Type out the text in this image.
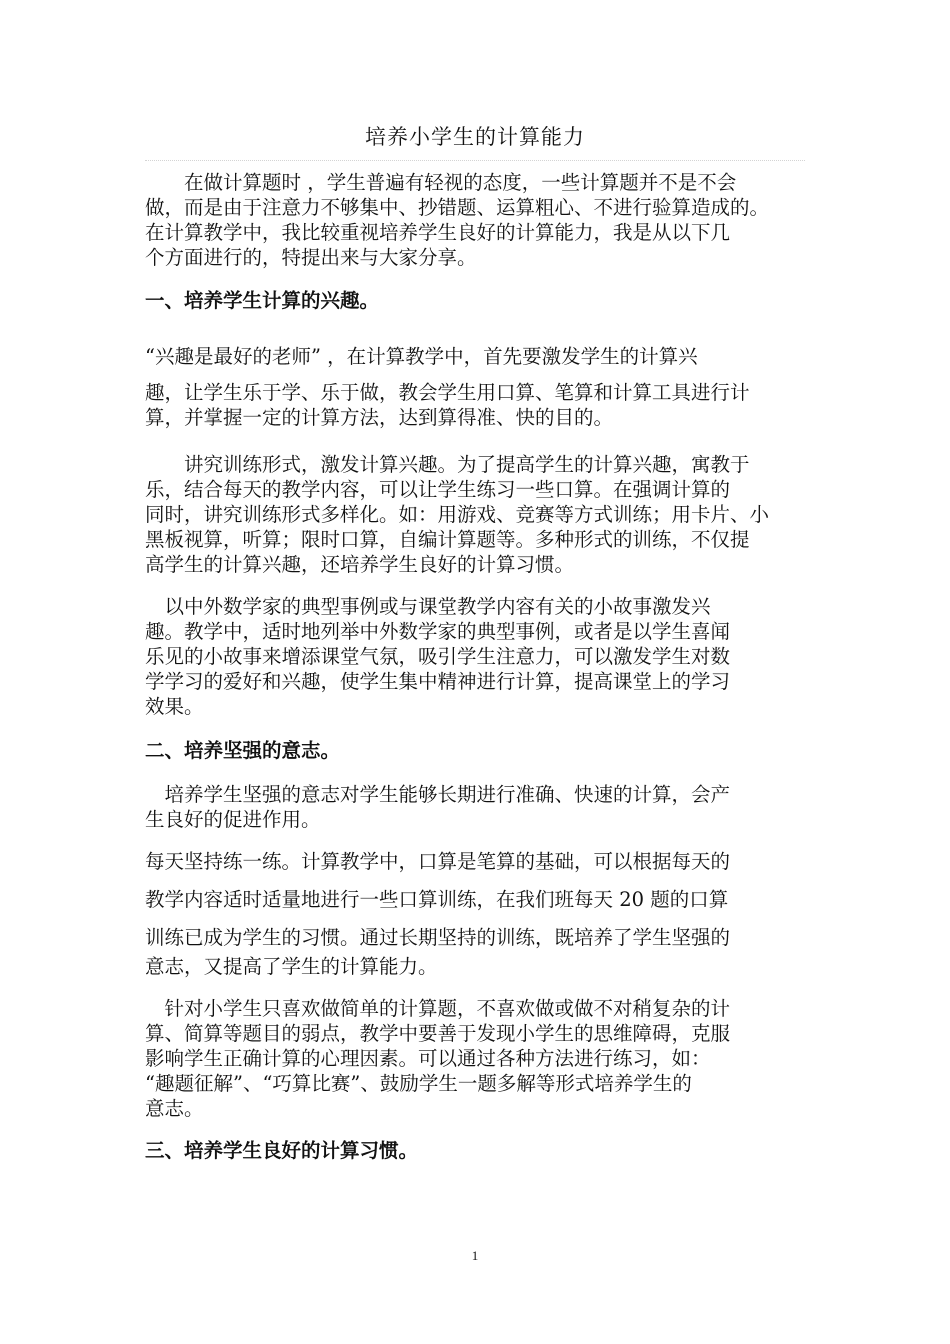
培养小学生的计算能力

　　在做计算题时 ，学生普遍有轻视的态度，一些计算题并不是不会
做，而是由于注意力不够集中、抄错题、运算粗心、不进行验算造成的。
在计算教学中，我比较重视培养学生良好的计算能力，我是从以下几
个方面进行的，特提出来与大家分享。

一、培养学生计算的兴趣。

“兴趣是最好的老师” ，在计算教学中，首先要激发学生的计算兴
趣，让学生乐于学、乐于做，教会学生用口算、笔算和计算工具进行计
算，并掌握一定的计算方法，达到算得准、快的目的。

　　讲究训练形式，激发计算兴趣。为了提高学生的计算兴趣，寓教于
乐，结合每天的教学内容，可以让学生练习一些口算。在强调计算的
同时，讲究训练形式多样化。如：用游戏、竞赛等方式训练；用卡片、小
黑板视算，听算；限时口算，自编计算题等。多种形式的训练，不仅提
高学生的计算兴趣，还培养学生良好的计算习惯。

　以中外数学家的典型事例或与课堂教学内容有关的小故事激发兴
趣。教学中，适时地列举中外数学家的典型事例，或者是以学生喜闻
乐见的小故事来增添课堂气氛，吸引学生注意力，可以激发学生对数
学学习的爱好和兴趣，使学生集中精神进行计算，提高课堂上的学习
效果。

二、培养坚强的意志。

　培养学生坚强的意志对学生能够长期进行准确、快速的计算，会产
生良好的促进作用。

每天坚持练一练。计算教学中，口算是笔算的基础，可以根据每天的
教学内容适时适量地进行一些口算训练，在我们班每天 20 题的口算
训练已成为学生的习惯。通过长期坚持的训练，既培养了学生坚强的
意志，又提高了学生的计算能力。

　针对小学生只喜欢做简单的计算题，不喜欢做或做不对稍复杂的计
算、简算等题目的弱点，教学中要善于发现小学生的思维障碍，克服
影响学生正确计算的心理因素。可以通过各种方法进行练习，如：
“趣题征解”、“巧算比赛”、鼓励学生一题多解等形式培养学生的
意志。

三、培养学生良好的计算习惯。
1
